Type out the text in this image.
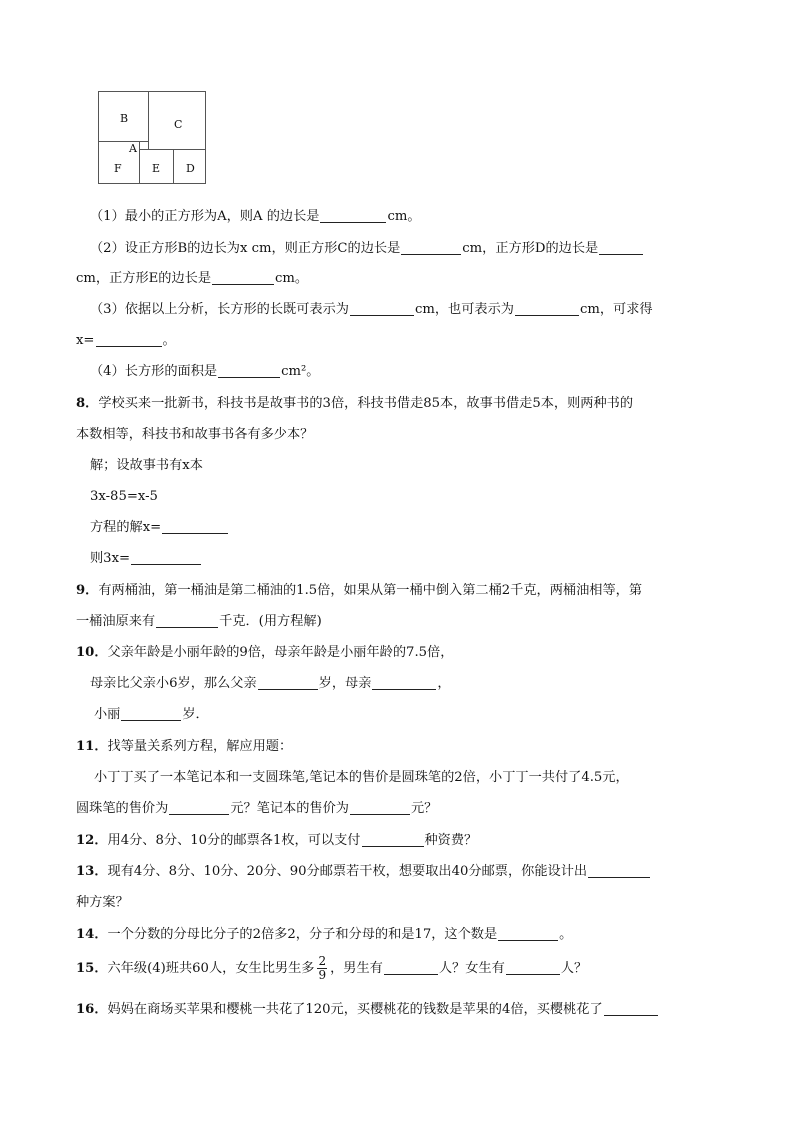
B	C
A
F	E D
（1）最小的正方形为A，则A 的边长是	cm。
（2）设正方形B的边长为x cm，则正方形C的边长是	cm，正方形D的边长是
cm，正方形E的边长是	cm。
（3）依据以上分析，长方形的长既可表示为	cm，也可表示为	cm，可求得
x=	。
（4）长方形的面积是	cm²。
8．学校买来一批新书，科技书是故事书的3倍，科技书借走85本，故事书借走5本，则两种书的
本数相等，科技书和故事书各有多少本？
解；设故事书有x本
3x-85=x-5
方程的解x=
则3x=
9．有两桶油，第一桶油是第二桶油的1.5倍，如果从第一桶中倒入第二桶2千克，两桶油相等，第
一桶油原来有	千克．(用方程解)
10．父亲年龄是小丽年龄的9倍，母亲年龄是小丽年龄的7.5倍，
母亲比父亲小6岁，那么父亲	岁，母亲	，
小丽	岁．
11．找等量关系列方程，解应用题：
小丁丁买了一本笔记本和一支圆珠笔,笔记本的售价是圆珠笔的2倍，小丁丁一共付了4.5元，
圆珠笔的售价为	元？笔记本的售价为	元？
12．用4分、8分、10分的邮票各1枚，可以支付	种资费？
13．现有4分、8分、10分、20分、90分邮票若干枚，想要取出40分邮票，你能设计出
种方案？
14．一个分数的分母比分子的2倍多2，分子和分母的和是17，这个数是	。
15．六年级(4)班共60人，女生比男生多 $\frac{2}{9}$ ，男生有	人？女生有	人？
16．妈妈在商场买苹果和樱桃一共花了120元，买樱桃花的钱数是苹果的4倍，买樱桃花了
